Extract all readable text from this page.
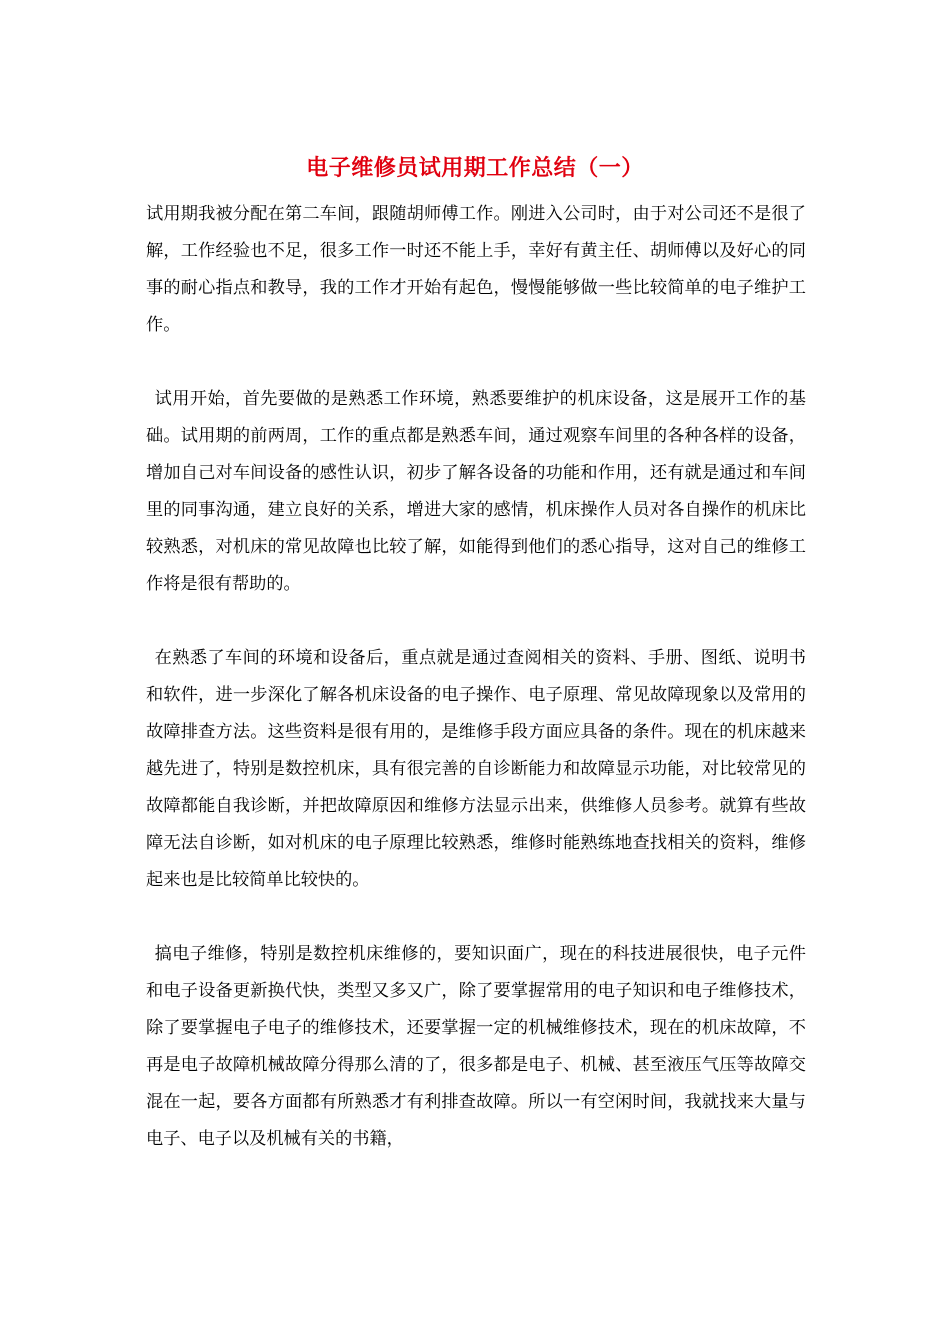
电子维修员试用期工作总结（一）

试用期我被分配在第二车间，跟随胡师傅工作。刚进入公司时，由于对公司还不是很了解，工作经验也不足，很多工作一时还不能上手，幸好有黄主任、胡师傅以及好心的同事的耐心指点和教导，我的工作才开始有起色，慢慢能够做一些比较简单的电子维护工作。

试用开始，首先要做的是熟悉工作环境，熟悉要维护的机床设备，这是展开工作的基础。试用期的前两周，工作的重点都是熟悉车间，通过观察车间里的各种各样的设备，增加自己对车间设备的感性认识，初步了解各设备的功能和作用，还有就是通过和车间里的同事沟通，建立良好的关系，增进大家的感情，机床操作人员对各自操作的机床比较熟悉，对机床的常见故障也比较了解，如能得到他们的悉心指导，这对自己的维修工作将是很有帮助的。

在熟悉了车间的环境和设备后，重点就是通过查阅相关的资料、手册、图纸、说明书和软件，进一步深化了解各机床设备的电子操作、电子原理、常见故障现象以及常用的故障排查方法。这些资料是很有用的，是维修手段方面应具备的条件。现在的机床越来越先进了，特别是数控机床，具有很完善的自诊断能力和故障显示功能，对比较常见的故障都能自我诊断，并把故障原因和维修方法显示出来，供维修人员参考。就算有些故障无法自诊断，如对机床的电子原理比较熟悉，维修时能熟练地查找相关的资料，维修起来也是比较简单比较快的。

搞电子维修，特别是数控机床维修的，要知识面广，现在的科技进展很快，电子元件和电子设备更新换代快，类型又多又广，除了要掌握常用的电子知识和电子维修技术，除了要掌握电子电子的维修技术，还要掌握一定的机械维修技术，现在的机床故障，不再是电子故障机械故障分得那么清的了，很多都是电子、机械、甚至液压气压等故障交混在一起，要各方面都有所熟悉才有利排查故障。所以一有空闲时间，我就找来大量与电子、电子以及机械有关的书籍，
